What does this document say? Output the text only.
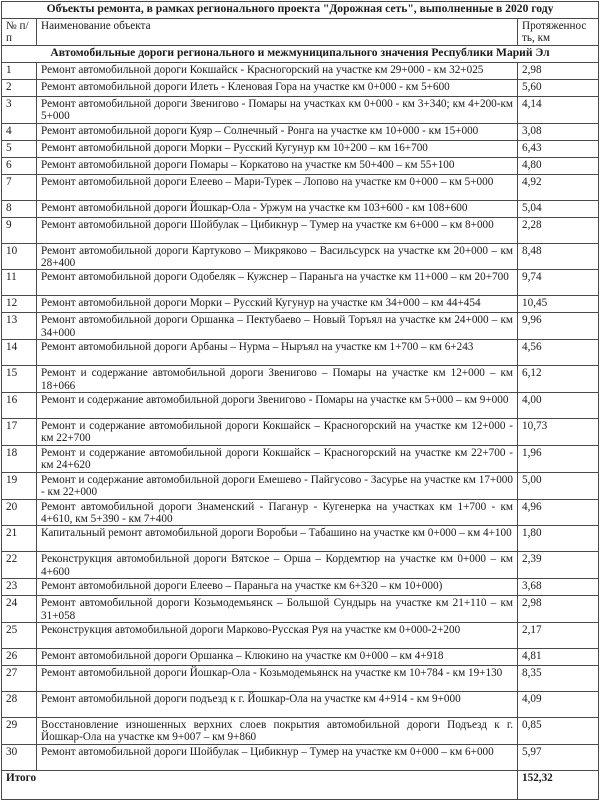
Объекты ремонта, в рамках регионального проекта "Дорожная сеть", выполненные в 2020 году		
№ п/п	Наименование объекта	Протяженнос ть, км
Автомобильные дороги регионального и межмуниципального значения Республики Марий Эл		
1	Ремонт автомобильной дороги Кокшайск - Красногорский на участке км 29+000 - км 32+025	2,98
2	Ремонт автомобильной дороги Илеть - Кленовая Гора на участке км 0+000 - км 5+600	5,60
3	Ремонт автомобильной дороги Звенигово - Помары на участках км 0+000 - км 3+340; км 4+200-км 5+000	4,14
4	Ремонт автомобильной дороги Куяр – Солнечный - Ронга на участке км 10+000 - км 15+000	3,08
5	Ремонт автомобильной дороги Морки – Русский Кугунур км 10+200 – км 16+700	6,43
6	Ремонт автомобильной дороги Помары – Коркатово на участке км 50+400 – км 55+100	4,80
7	Ремонт автомобильной дороги Елеево – Мари-Турек – Лопово на участке км 0+000 – км 5+000	4,92
8	Ремонт автомобильной дороги Йошкар-Ола - Уржум на участке км 103+600 - км 108+600	5,04
9	Ремонт автомобильной дороги Шойбулак – Цибикнур – Тумер на участке км 6+000 – км 8+000	2,28
10	Ремонт автомобильной дороги Картуково – Микряково – Васильсурск на участке км 20+000 – км 28+400	8,48
11	Ремонт автомобильной дороги Одобеляк – Кужснер – Параньга на участке км 11+000 – км 20+700	9,74
12	Ремонт автомобильной дороги Морки – Русский Кугунур на участке км 34+000 – км 44+454	10,45
13	Ремонт автомобильной дороги Оршанка – Пектубаево – Новый Торъял на участке км 24+000 – км 34+000	9,96
14	Ремонт автомобильной дороги Арбаны – Нурма – Ныръял на участке км 1+700 – км 6+243	4,56
15	Ремонт и содержание автомобильной дороги Звенигово – Помары на участке км 12+000 – км 18+066	6,12
16	Ремонт и содержание автомобильной дороги Звенигово - Помары на участке км 5+000 – км 9+000	4,00
17	Ремонт и содержание автомобильной дороги Кокшайск – Красногорский на участке км 12+000 - км 22+700	10,73
18	Ремонт и содержание автомобильной дороги Кокшайск – Красногорский на участке км 22+700 - км 24+620	1,96
19	Ремонт и содержание автомобильной дороги Емешево - Пайгусово - Засурье на участке км 17+000 - км 22+000	5,00
20	Ремонт автомобильной дороги Знаменский - Паганур - Кугенерка на участках км 1+700 - км 4+610, км 5+390 - км 7+400	4,96
21	Капитальный ремонт автомобильной дороги Воробьи – Табашино на участке км 0+000 – км 4+100	1,80
22	Реконструкция автомобильной дороги Вятское – Орша – Кордемтюр на участке км 0+000 – км 4+600	2,39
23	Ремонт автомобильной дороги Елеево – Параньга на участке км 6+320 – км 10+000)	3,68
24	Ремонт автомобильной дороги Козьмодемьянск – Большой Сундырь на участке км 21+110 – км 31+058	2,98
25	Реконструкция автомобильной дороги Марково-Русская Руя на участке км 0+000-2+200	2,17
26	Ремонт автомобильной дороги Оршанка – Клюкино на участке км 0+000 – км 4+918	4,81
27	Ремонт автомобильной дороги Йошкар-Ола - Козьмодемьянск на участке км 10+784 - км 19+130	8,35
28	Ремонт автомобильной дороги подъезд к г. Йошкар-Ола на участке км 4+914 - км 9+000	4,09
29	Восстановление изношенных верхних слоев покрытия автомобильной дороги Подъезд к г. Йошкар-Ола на участке км 9+007 – км 9+860	0,85
30	Ремонт автомобильной дороги Шойбулак – Цибикнур – Тумер на участке км 0+000 – км 6+000	5,97
Итого		152,32
